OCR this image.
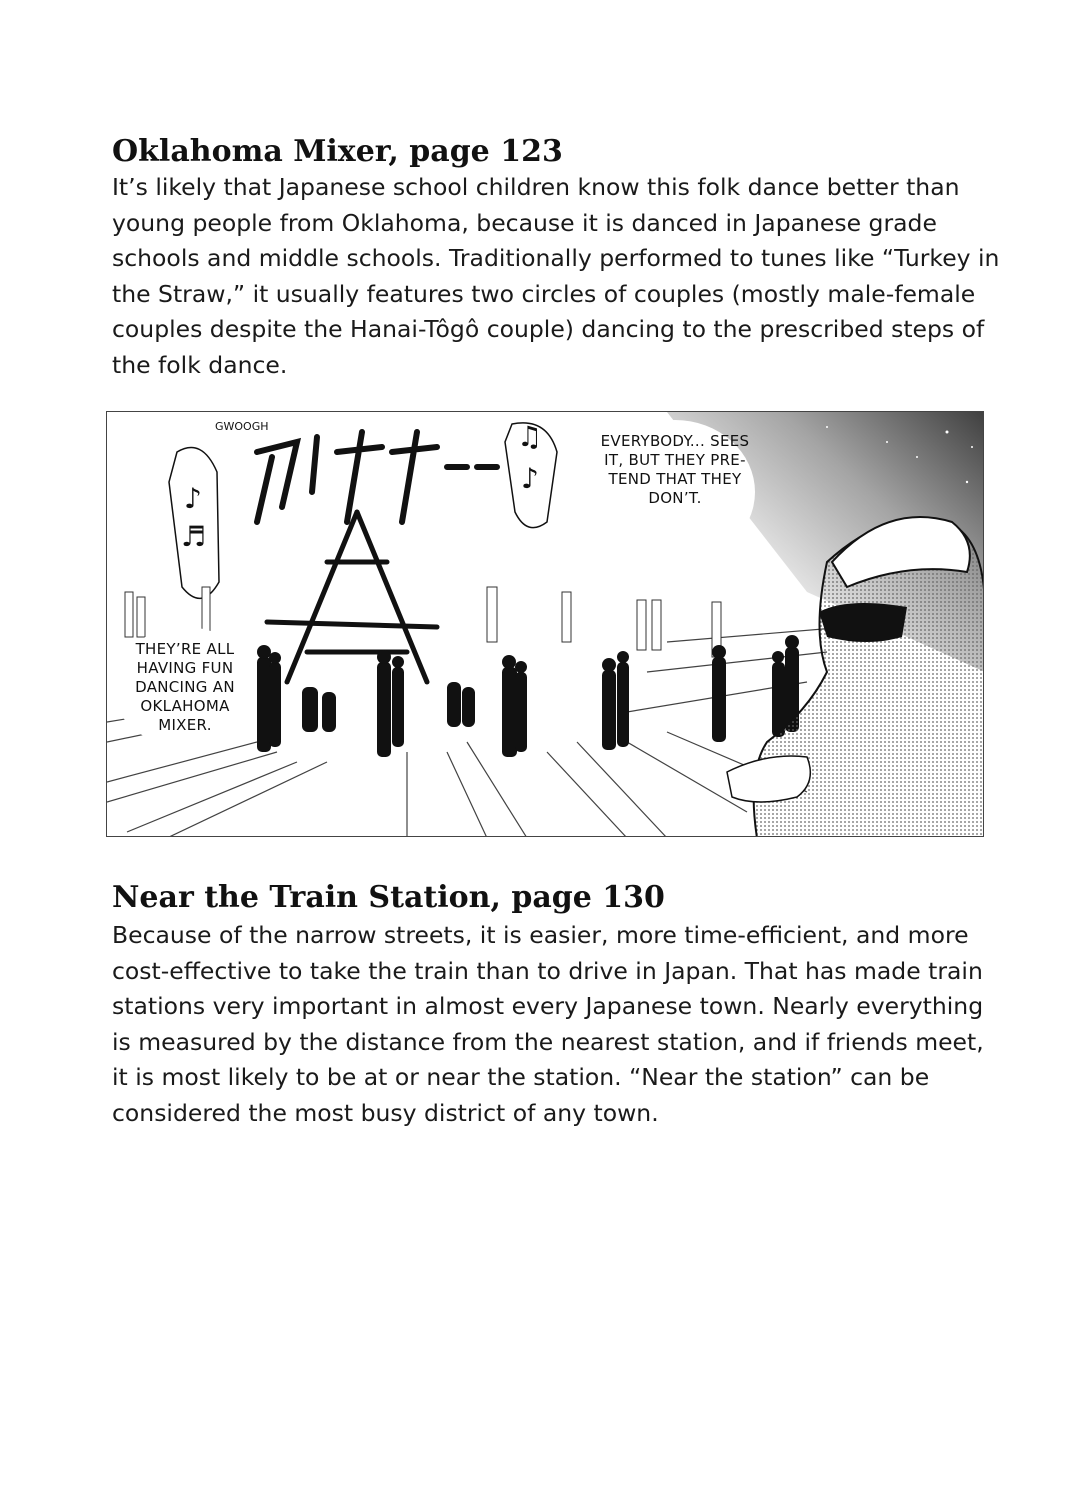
Oklahoma Mixer, page 123

It’s likely that Japanese school children know this folk dance better than young people from Oklahoma, because it is danced in Japanese grade schools and middle schools. Traditionally performed to tunes like “Turkey in the Straw,” it usually features two circles of couples (mostly male-female couples despite the Hanai-Tôgô couple) dancing to the prescribed steps of the folk dance.

GWOOGH
♪
♬
♫
♪
EVERYBODY... SEES IT, BUT THEY PRE-TEND THAT THEY DON’T.
THEY’RE ALL HAVING FUN DANCING AN OKLAHOMA MIXER.
Near the Train Station, page 130

Because of the narrow streets, it is easier, more time-efficient, and more cost-effective to take the train than to drive in Japan. That has made train stations very important in almost every Japanese town. Nearly everything is measured by the distance from the nearest station, and if friends meet, it is most likely to be at or near the station. “Near the station” can be considered the most busy district of any town.
